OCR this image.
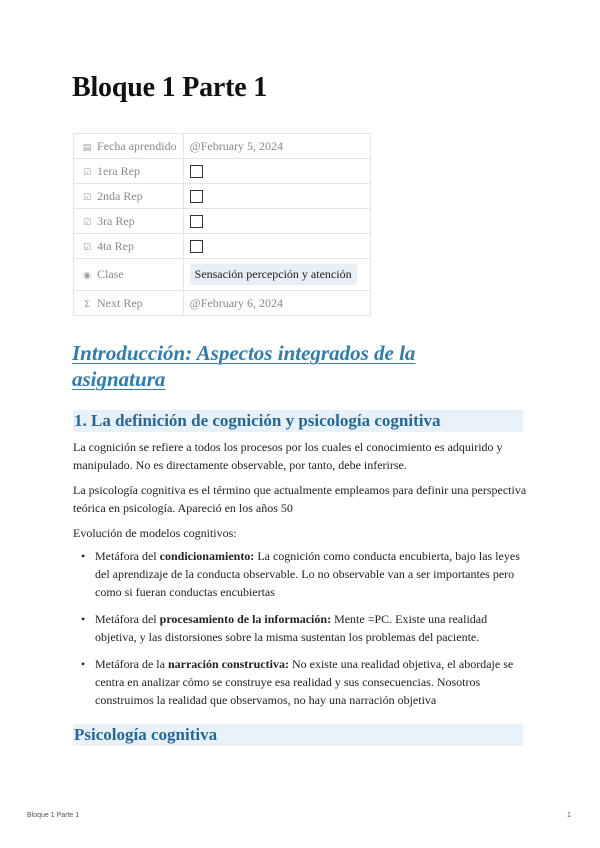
Bloque 1 Parte 1
▤ Fecha aprendido	@February 5, 2024
☑ 1era Rep	
☑ 2nda Rep	
☑ 3ra Rep	
☑ 4ta Rep	
◉ Clase	Sensación percepción y atención
Σ Next Rep	@February 6, 2024
Introducción: Aspectos integrados de la asignatura
1. La definición de cognición y psicología cognitiva

La cognición se refiere a todos los procesos por los cuales el conocimiento es adquirido y manipulado. No es directamente observable, por tanto, debe inferirse.

La psicología cognitiva es el término que actualmente empleamos para definir una perspectiva teórica en psicología. Apareció en los años 50

Evolución de modelos cognitivos:

• Metáfora del condicionamiento: La cognición como conducta encubierta, bajo las leyes del aprendizaje de la conducta observable. Lo no observable van a ser importantes pero como si fueran conductas encubiertas
• Metáfora del procesamiento de la información: Mente =PC. Existe una realidad objetiva, y las distorsiones sobre la misma sustentan los problemas del paciente.
• Metáfora de la narración constructiva: No existe una realidad objetiva, el abordaje se centra en analizar cómo se construye esa realidad y sus consecuencias. Nosotros construimos la realidad que observamos, no hay una narración objetiva
Psicología cognitiva
Bloque 1 Parte 1	1
